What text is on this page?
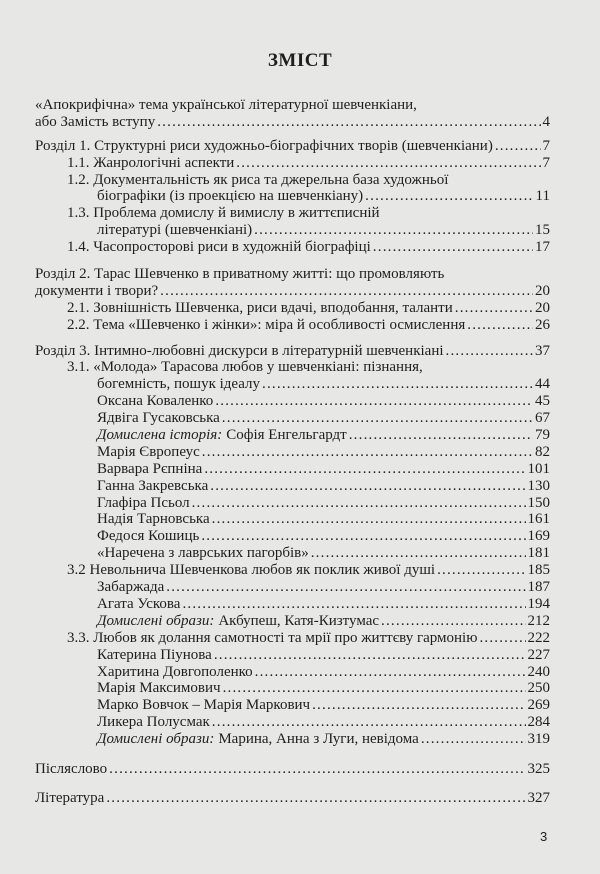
ЗМІСТ
«Апокрифічна» тема української літературної шевченкіани,
або Замість вступу .....	4
Розділ 1. Структурні риси художньо-біографічних творів (шевченкіани) .....	7
1.1. Жанрологічні аспекти .....	7
1.2. Документальність як риса та джерельна база художньої
біографіки (із проекцією на шевченкіану) .....	11
1.3. Проблема домислу й вимислу в життєписній
літературі (шевченкіані) .....	15
1.4. Часопросторові риси в художній біографіці .....	17
Розділ 2. Тарас Шевченко в приватному житті: що промовляють
документи і твори? .....	20
2.1. Зовнішність Шевченка, риси вдачі, вподобання, таланти .....	20
2.2. Тема «Шевченко і жінки»: міра й особливості осмислення .....	26
Розділ 3. Інтимно-любовні дискурси в літературній шевченкіані .....	37
3.1. «Молода» Тарасова любов у шевченкіані: пізнання,
богемність, пошук ідеалу .....	44
Оксана Коваленко .....	45
Ядвіга Гусаковська .....	67
Домислена історія: Софія Енгельгардт .....	79
Марія Європеус .....	82
Варвара Рєпніна .....	101
Ганна Закревська .....	130
Глафіра Псьол .....	150
Надія Тарновська .....	161
Федося Кошиць .....	169
«Наречена з лаврських пагорбів» .....	181
3.2 Невольнича Шевченкова любов як поклик живої душі .....	185
Забаржада .....	187
Агата Ускова .....	194
Домислені образи: Акбупеш, Катя-Кизтумас .....	212
3.3. Любов як долання самотності та мрії про життєву гармонію .....	222
Катерина Піунова .....	227
Харитина Довгополенко .....	240
Марія Максимович .....	250
Марко Вовчок – Марія Маркович .....	269
Ликера Полусмак .....	284
Домислені образи: Марина, Анна з Луги, невідома .....	319
Післяслово .....	325
Література .....	327
3
